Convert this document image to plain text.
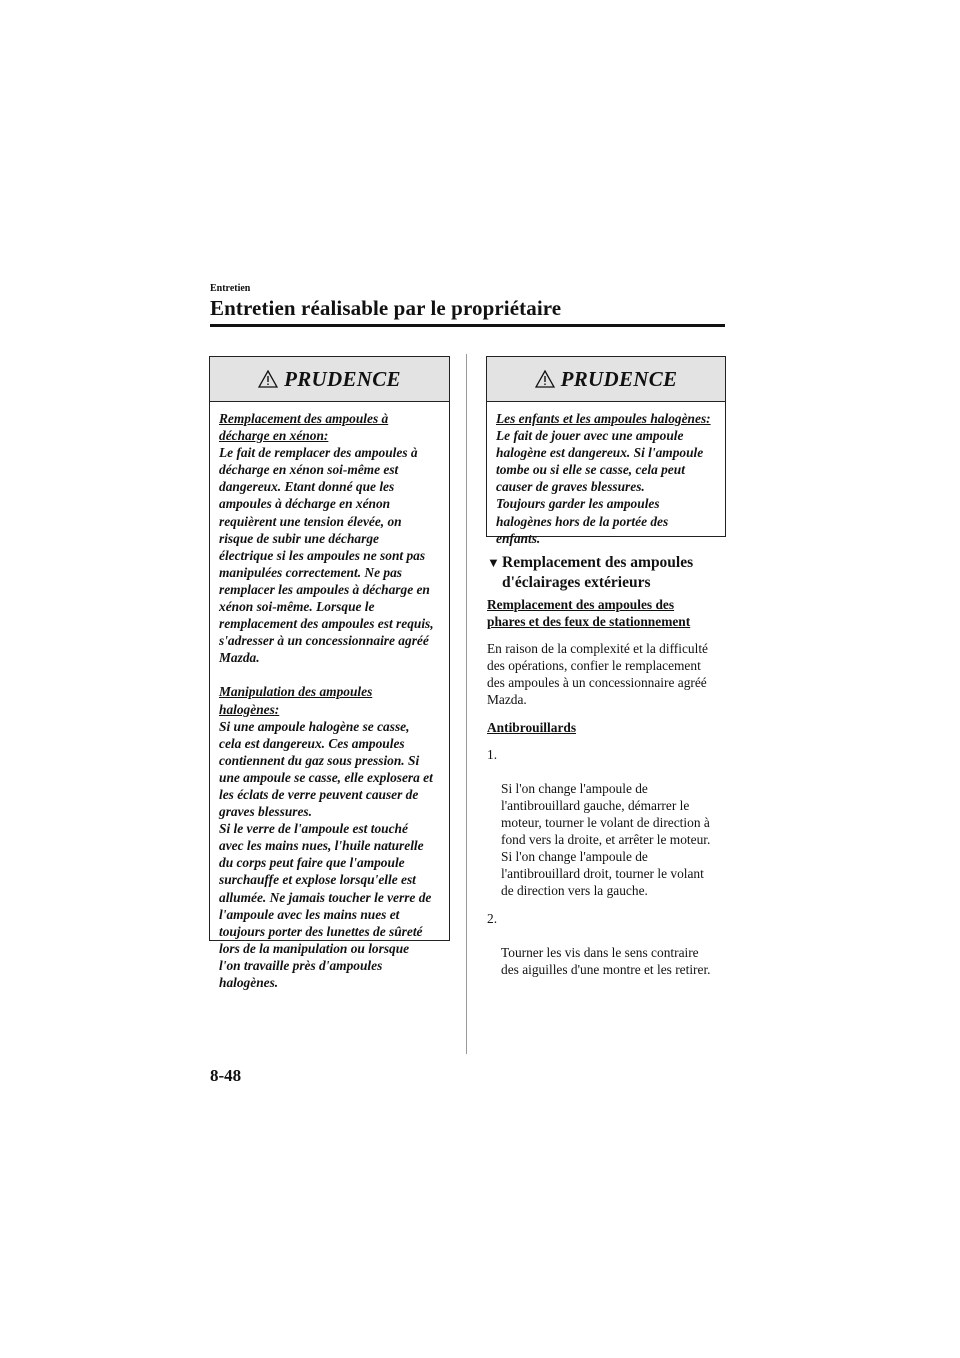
Entretien
Entretien réalisable par le propriétaire
PRUDENCE

Remplacement des ampoules à
décharge en xénon:

Le fait de remplacer des ampoules à
décharge en xénon soi-même est
dangereux. Etant donné que les
ampoules à décharge en xénon
requièrent une tension élevée, on
risque de subir une décharge
électrique si les ampoules ne sont pas
manipulées correctement. Ne pas
remplacer les ampoules à décharge en
xénon soi-même. Lorsque le
remplacement des ampoules est requis,
s'adresser à un concessionnaire agréé
Mazda.

Manipulation des ampoules
halogènes:

Si une ampoule halogène se casse,
cela est dangereux. Ces ampoules
contiennent du gaz sous pression. Si
une ampoule se casse, elle explosera et
les éclats de verre peuvent causer de
graves blessures.
Si le verre de l'ampoule est touché
avec les mains nues, l'huile naturelle
du corps peut faire que l'ampoule
surchauffe et explose lorsqu'elle est
allumée. Ne jamais toucher le verre de
l'ampoule avec les mains nues et
toujours porter des lunettes de sûreté
lors de la manipulation ou lorsque
l'on travaille près d'ampoules
halogènes.

PRUDENCE

Les enfants et les ampoules halogènes:

Le fait de jouer avec une ampoule
halogène est dangereux. Si l'ampoule
tombe ou si elle se casse, cela peut
causer de graves blessures.
Toujours garder les ampoules
halogènes hors de la portée des
enfants.

▼ Remplacement des ampoules
d'éclairages extérieurs

Remplacement des ampoules des
phares et des feux de stationnement

En raison de la complexité et la difficulté
des opérations, confier le remplacement
des ampoules à un concessionnaire agréé
Mazda.

Antibrouillards

1.

Si l'on change l'ampoule de
l'antibrouillard gauche, démarrer le
moteur, tourner le volant de direction à
fond vers la droite, et arrêter le moteur.
Si l'on change l'ampoule de
l'antibrouillard droit, tourner le volant
de direction vers la gauche.

2.

Tourner les vis dans le sens contraire
des aiguilles d'une montre et les retirer.

8-48
